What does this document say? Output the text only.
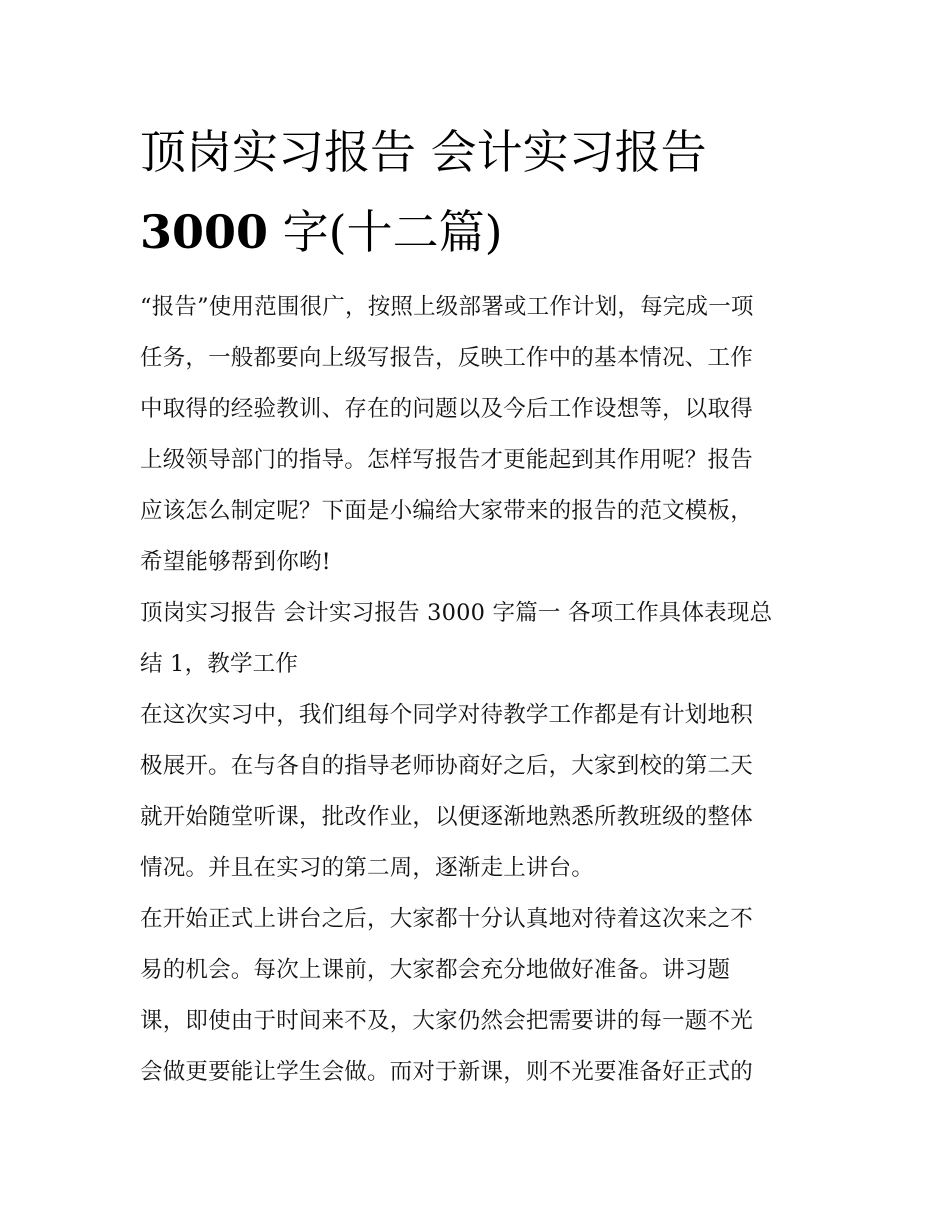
顶岗实习报告 会计实习报告
3000 字(十二篇)
“报告”使用范围很广，按照上级部署或工作计划，每完成一项
任务，一般都要向上级写报告，反映工作中的基本情况、工作
中取得的经验教训、存在的问题以及今后工作设想等，以取得
上级领导部门的指导。怎样写报告才更能起到其作用呢？报告
应该怎么制定呢？下面是小编给大家带来的报告的范文模板，
希望能够帮到你哟!
顶岗实习报告 会计实习报告 3000 字篇一 各项工作具体表现总
结 1，教学工作
在这次实习中，我们组每个同学对待教学工作都是有计划地积
极展开。在与各自的指导老师协商好之后，大家到校的第二天
就开始随堂听课，批改作业，以便逐渐地熟悉所教班级的整体
情况。并且在实习的第二周，逐渐走上讲台。
在开始正式上讲台之后，大家都十分认真地对待着这次来之不
易的机会。每次上课前，大家都会充分地做好准备。讲习题
课，即使由于时间来不及，大家仍然会把需要讲的每一题不光
会做更要能让学生会做。而对于新课，则不光要准备好正式的
